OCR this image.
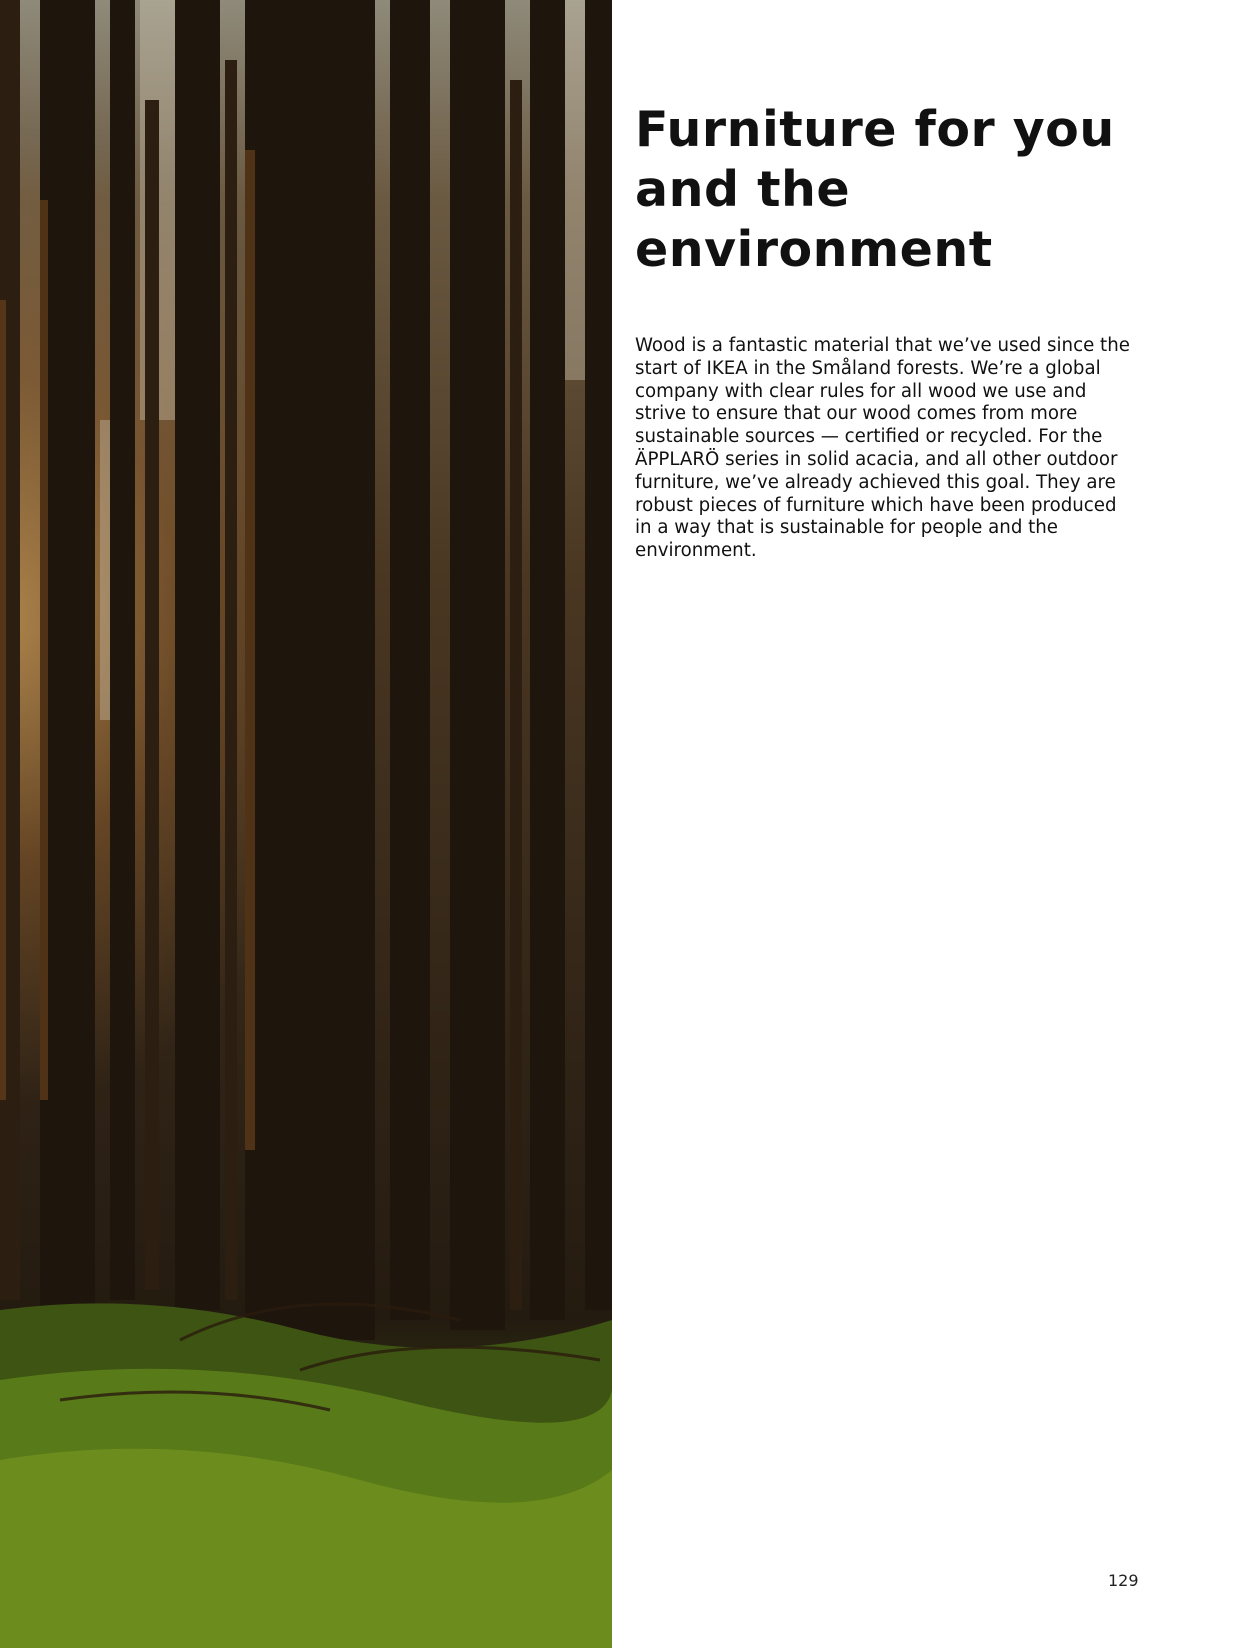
Furniture for you and the environment

Wood is a fantastic material that we’ve used since the start of IKEA in the Småland forests. We’re a global company with clear rules for all wood we use and strive to ensure that our wood comes from more sustainable sources — certified or recycled. For the ÄPPLARÖ series in solid acacia, and all other outdoor furniture, we’ve already achieved this goal. They are robust pieces of furniture which have been produced in a way that is sustainable for people and the environment.

129
